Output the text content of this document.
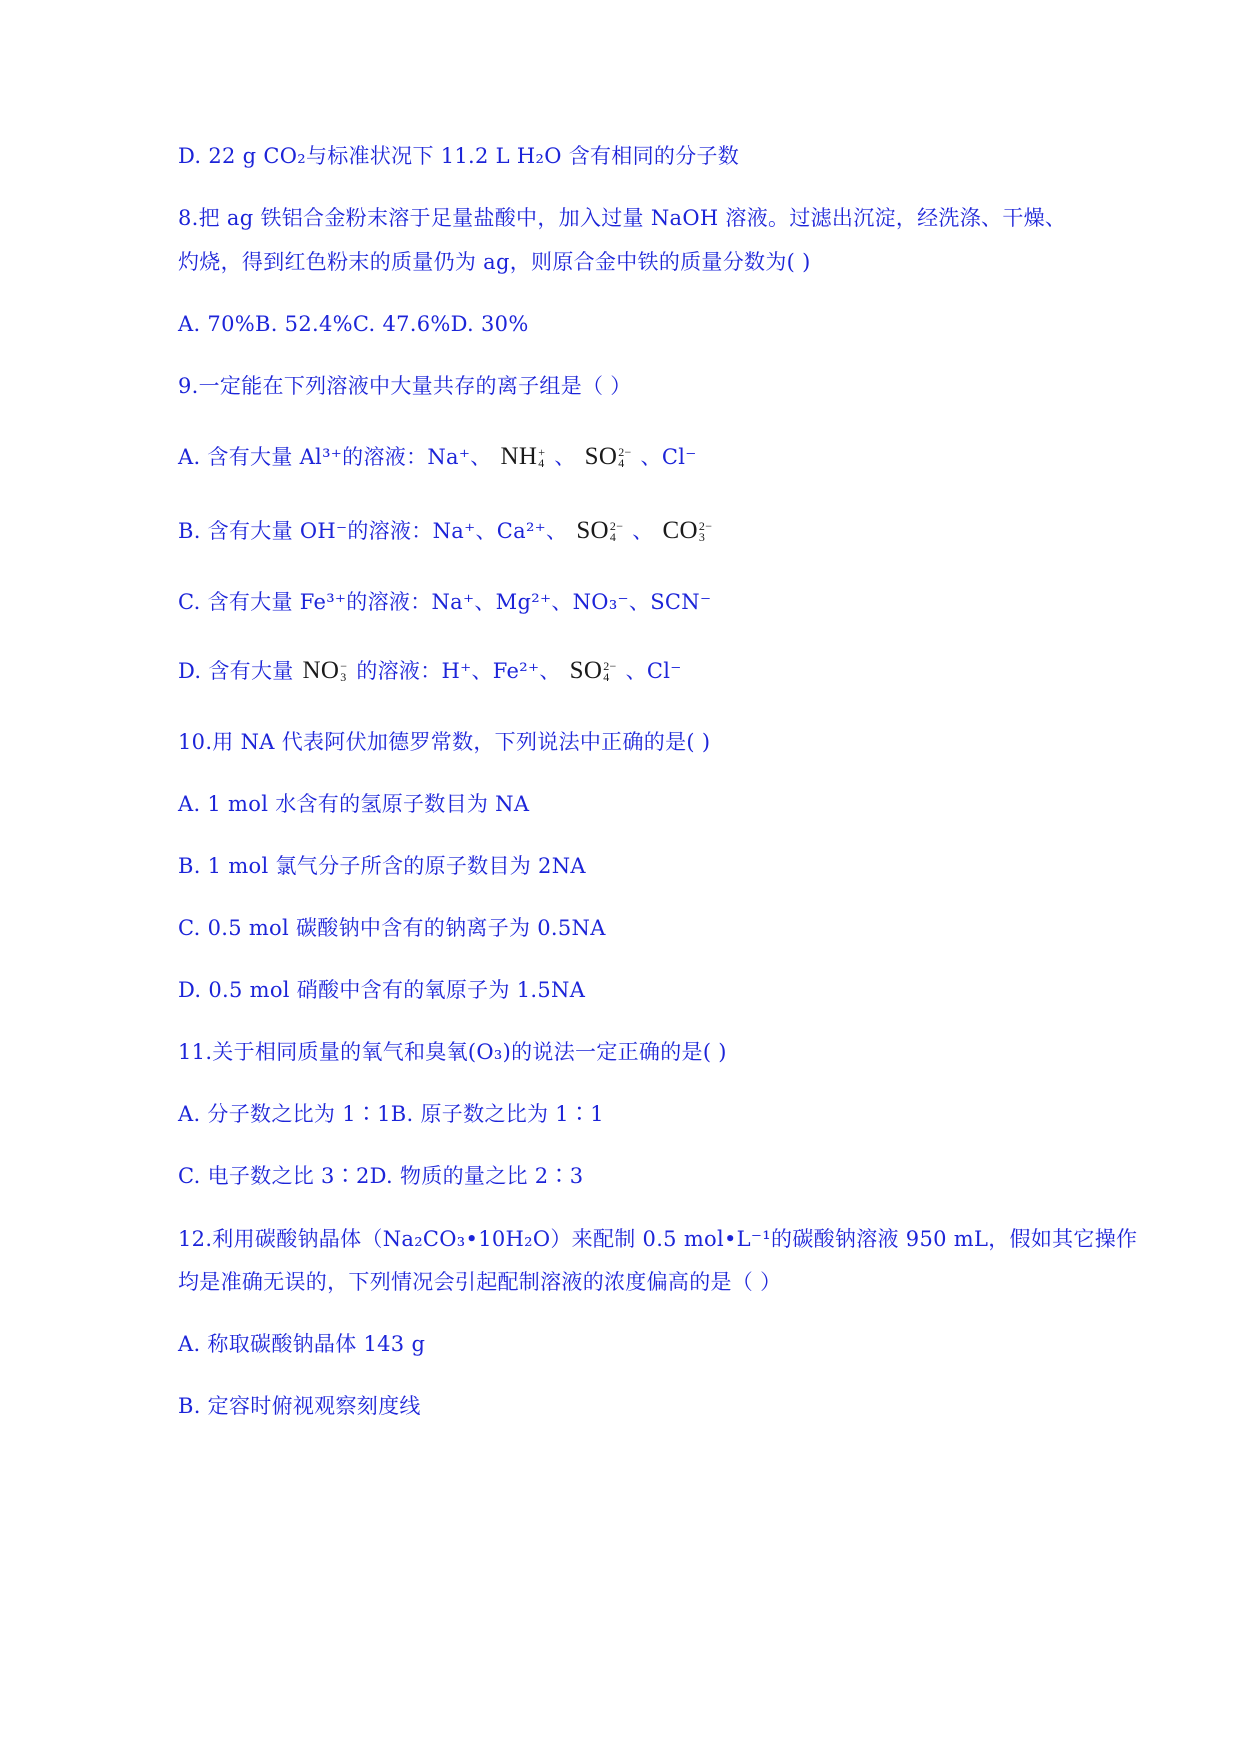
D. 22 g CO₂与标准状况下 11.2 L H₂O 含有相同的分子数
8.把 ag 铁铝合金粉末溶于足量盐酸中，加入过量 NaOH 溶液。过滤出沉淀，经洗涤、干燥、
灼烧，得到红色粉末的质量仍为 ag，则原合金中铁的质量分数为( )
A. 70%B. 52.4%C. 47.6%D. 30%
9.一定能在下列溶液中大量共存的离子组是（ ）
A. 含有大量 Al³⁺的溶液：Na⁺、 NH +
4 、 SO 2−
4 、Cl⁻
B. 含有大量 OH⁻的溶液：Na⁺、Ca²⁺、 SO 2−
4 、 CO 2−
3
C. 含有大量 Fe³⁺的溶液：Na⁺、Mg²⁺、NO₃⁻、SCN⁻
D. 含有大量 NO −
3 的溶液：H⁺、Fe²⁺、 SO 2−
4 、Cl⁻
10.用 NA 代表阿伏加德罗常数，下列说法中正确的是( )
A. 1 mol 水含有的氢原子数目为 NA
B. 1 mol 氯气分子所含的原子数目为 2NA
C. 0.5 mol 碳酸钠中含有的钠离子为 0.5NA
D. 0.5 mol 硝酸中含有的氧原子为 1.5NA
11.关于相同质量的氧气和臭氧(O₃)的说法一定正确的是( )
A. 分子数之比为 1∶1B. 原子数之比为 1∶1
C. 电子数之比 3∶2D. 物质的量之比 2∶3
12.利用碳酸钠晶体（Na₂CO₃•10H₂O）来配制 0.5 mol•L⁻¹的碳酸钠溶液 950 mL，假如其它操作
均是准确无误的，下列情况会引起配制溶液的浓度偏高的是（ ）
A. 称取碳酸钠晶体 143 g
B. 定容时俯视观察刻度线
